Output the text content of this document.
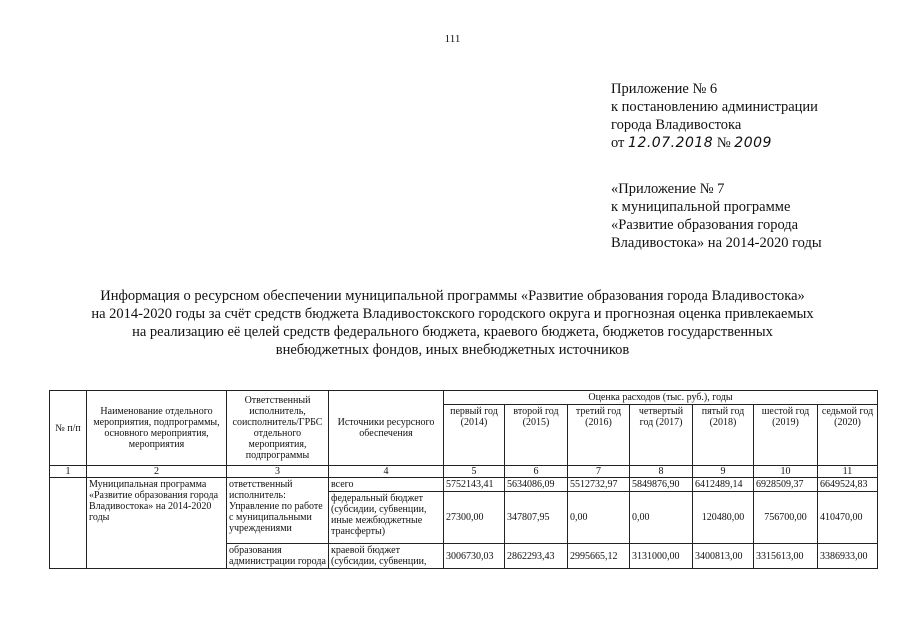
111
Приложение № 6
к постановлению администрации
города Владивостока
от 12.07.2018 № 2009
«Приложение № 7
к муниципальной программе
«Развитие образования города
Владивостока» на 2014-2020 годы
Информация о ресурсном обеспечении муниципальной программы «Развитие образования города Владивостока»
на 2014-2020 годы за счёт средств бюджета Владивостокского городского округа и прогнозная оценка привлекаемых
на реализацию её целей средств федерального бюджета, краевого бюджета, бюджетов государственных
внебюджетных фондов, иных внебюджетных источников
№ п/п	Наименование отдельного мероприятия, подпрограммы, основного мероприятия, мероприятия	Ответственный исполнитель, соисполнитель/ГРБС отдельного мероприятия, подпрограммы	Источники ресурсного обеспечения	Оценка расходов (тыс. руб.), годы						
				первый год (2014)	второй год (2015)	третий год (2016)	четвертый год (2017)	пятый год (2018)	шестой год (2019)	седьмой год (2020)
1	2	3	4	5	6	7	8	9	10	11
	Муниципальная программа «Развитие образования города Владивостока» на 2014-2020 годы	ответственный исполнитель: Управление по работе с муниципальными учреждениями	всего	5752143,41	5634086,09	5512732,97	5849876,90	6412489,14	6928509,37	6649524,83
			федеральный бюджет (субсидии, субвенции, иные межбюджетные трансферты)	27300,00	347807,95	0,00	0,00	120480,00	756700,00	410470,00
		образования администрации города	краевой бюджет (субсидии, субвенции,	3006730,03	2862293,43	2995665,12	3131000,00	3400813,00	3315613,00	3386933,00
